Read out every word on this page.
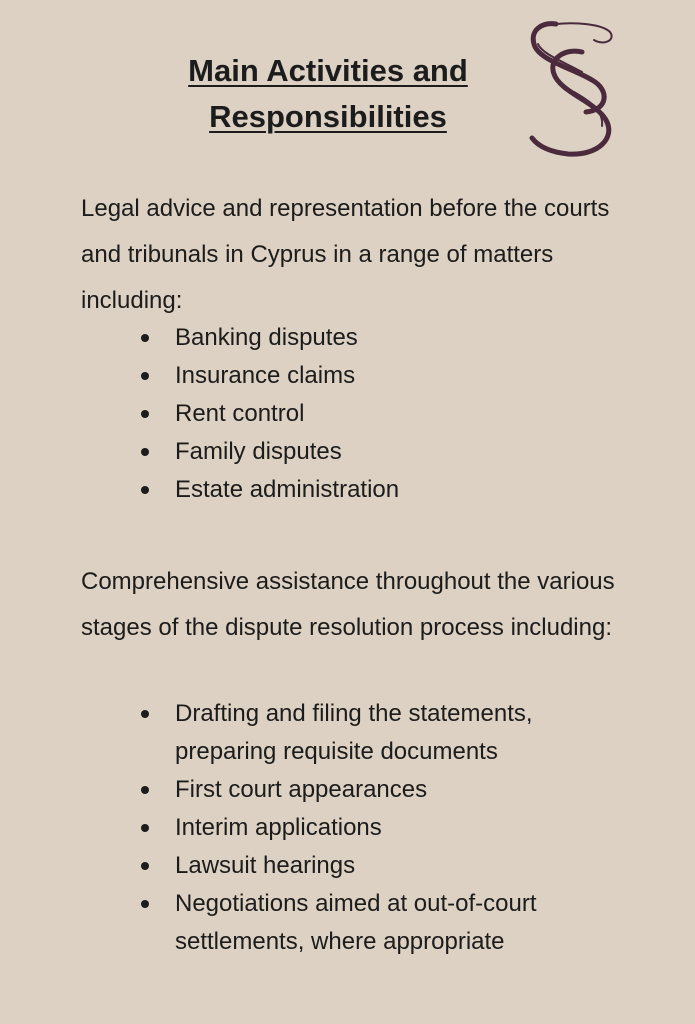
Main Activities and
Responsibilities

Legal advice and representation before the courts and tribunals in Cyprus in a range of matters including:

Banking disputes
Insurance claims
Rent control
Family disputes
Estate administration

Comprehensive assistance throughout the various stages of the dispute resolution process including:

Drafting and filing the statements, preparing requisite documents
First court appearances
Interim applications
Lawsuit hearings
Negotiations aimed at out-of-court settlements, where appropriate
